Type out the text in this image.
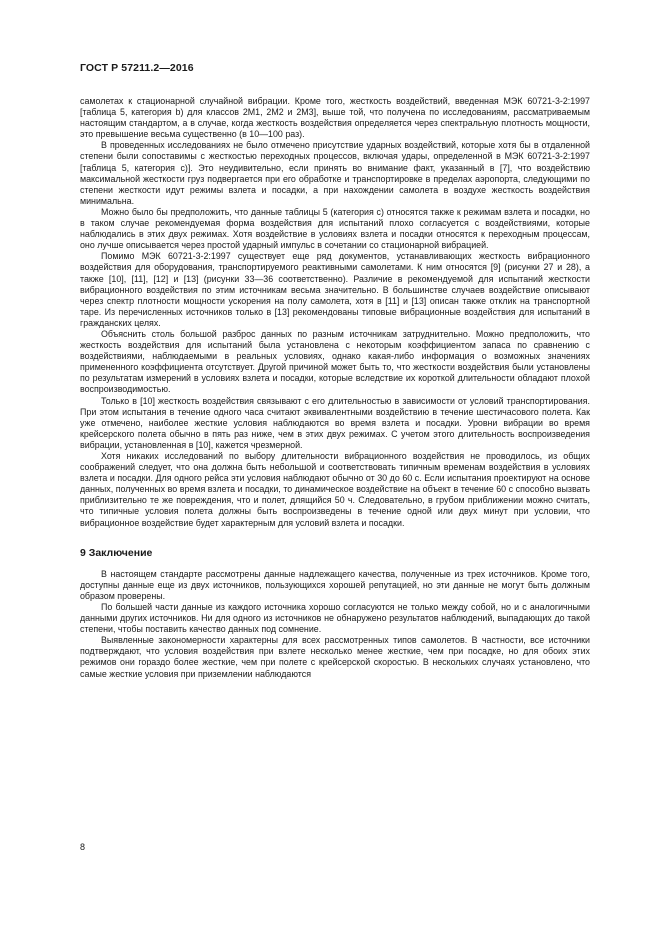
ГОСТ Р 57211.2—2016

самолетах к стационарной случайной вибрации. Кроме того, жесткость воздействий, введенная МЭК 60721-3-2:1997 [таблица 5, категория b) для классов 2М1, 2М2 и 2М3], выше той, что получена по исследованиям, рассматриваемым настоящим стандартом, а в случае, когда жесткость воздействия определяется через спектральную плотность мощности, это превышение весьма существенно (в 10—100 раз).

В проведенных исследованиях не было отмечено присутствие ударных воздействий, которые хотя бы в отдаленной степени были сопоставимы с жесткостью переходных процессов, включая удары, определенной в МЭК 60721-3-2:1997 [таблица 5, категория c)]. Это неудивительно, если принять во внимание факт, указанный в [7], что воздействию максимальной жесткости груз подвергается при его обработке и транспортировке в пределах аэропорта, следующими по степени жесткости идут режимы взлета и посадки, а при нахождении самолета в воздухе жесткость воздействия минимальна.

Можно было бы предположить, что данные таблицы 5 (категория c) относятся также к режимам взлета и посадки, но в таком случае рекомендуемая форма воздействия для испытаний плохо согласуется с воздействиями, которые наблюдались в этих двух режимах. Хотя воздействие в условиях взлета и посадки относятся к переходным процессам, оно лучше описывается через простой ударный импульс в сочетании со стационарной вибрацией.

Помимо МЭК 60721-3-2:1997 существует еще ряд документов, устанавливающих жесткость вибрационного воздействия для оборудования, транспортируемого реактивными самолетами. К ним относятся [9] (рисунки 27 и 28), а также [10], [11], [12] и [13] (рисунки 33—36 соответственно). Различие в рекомендуемой для испытаний жесткости вибрационного воздействия по этим источникам весьма значительно. В большинстве случаев воздействие описывают через спектр плотности мощности ускорения на полу самолета, хотя в [11] и [13] описан также отклик на транспортной таре. Из перечисленных источников только в [13] рекомендованы типовые вибрационные воздействия для испытаний в гражданских целях.

Объяснить столь большой разброс данных по разным источникам затруднительно. Можно предположить, что жесткость воздействия для испытаний была установлена с некоторым коэффициентом запаса по сравнению с воздействиями, наблюдаемыми в реальных условиях, однако какая-либо информация о возможных значениях примененного коэффициента отсутствует. Другой причиной может быть то, что жесткости воздействия были установлены по результатам измерений в условиях взлета и посадки, которые вследствие их короткой длительности обладают плохой воспроизводимостью.

Только в [10] жесткость воздействия связывают с его длительностью в зависимости от условий транспортирования. При этом испытания в течение одного часа считают эквивалентными воздействию в течение шестичасового полета. Как уже отмечено, наиболее жесткие условия наблюдаются во время взлета и посадки. Уровни вибрации во время крейсерского полета обычно в пять раз ниже, чем в этих двух режимах. С учетом этого длительность воспроизведения вибрации, установленная в [10], кажется чрезмерной.

Хотя никаких исследований по выбору длительности вибрационного воздействия не проводилось, из общих соображений следует, что она должна быть небольшой и соответствовать типичным временам воздействия в условиях взлета и посадки. Для одного рейса эти условия наблюдают обычно от 30 до 60 с. Если испытания проектируют на основе данных, полученных во время взлета и посадки, то динамическое воздействие на объект в течение 60 с способно вызвать приблизительно те же повреждения, что и полет, длящийся 50 ч. Следовательно, в грубом приближении можно считать, что типичные условия полета должны быть воспроизведены в течение одной или двух минут при условии, что вибрационное воздействие будет характерным для условий взлета и посадки.

9 Заключение

В настоящем стандарте рассмотрены данные надлежащего качества, полученные из трех источников. Кроме того, доступны данные еще из двух источников, пользующихся хорошей репутацией, но эти данные не могут быть должным образом проверены.

По большей части данные из каждого источника хорошо согласуются не только между собой, но и с аналогичными данными других источников. Ни для одного из источников не обнаружено результатов наблюдений, выпадающих до такой степени, чтобы поставить качество данных под сомнение.

Выявленные закономерности характерны для всех рассмотренных типов самолетов. В частности, все источники подтверждают, что условия воздействия при взлете несколько менее жесткие, чем при посадке, но для обоих этих режимов они гораздо более жесткие, чем при полете с крейсерской скоростью. В нескольких случаях установлено, что самые жесткие условия при приземлении наблюдаются

8
